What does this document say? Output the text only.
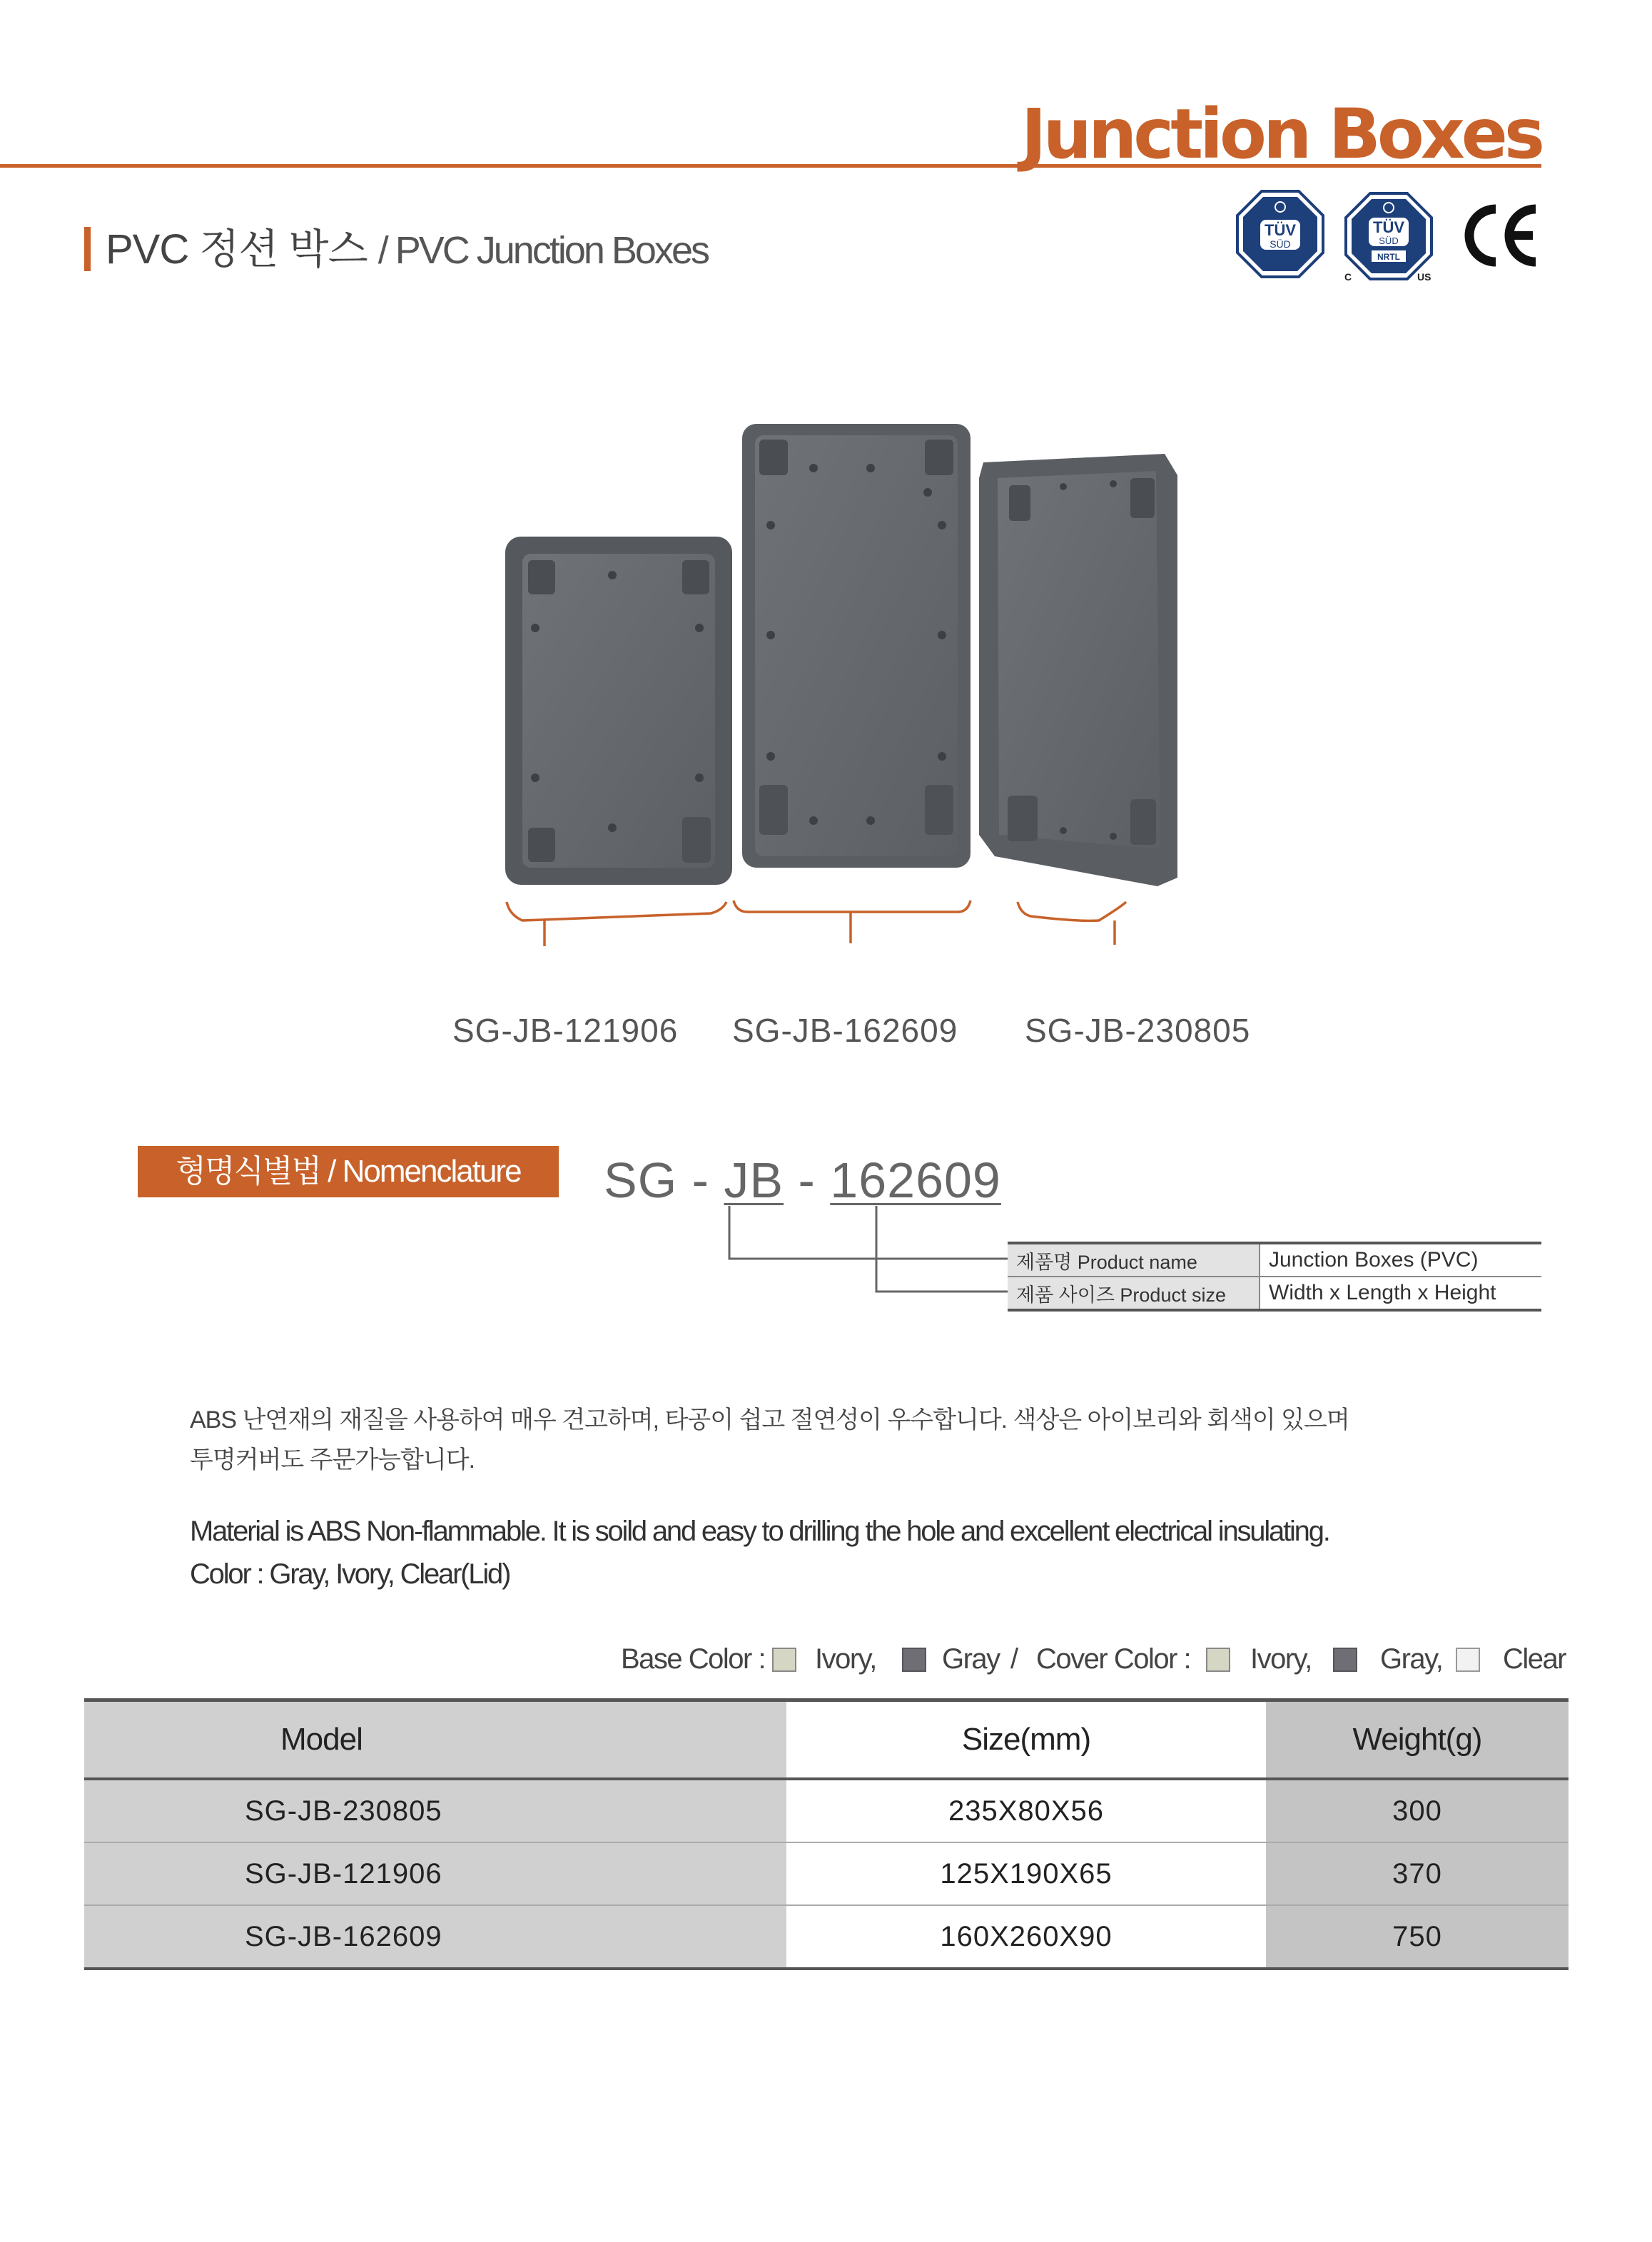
Junction Boxes
PVC 정션 박스 / PVC Junction Boxes	TÜV
SÜD
TÜV
SÜD
NRTL
C	US
SG-JB-121906 SG-JB-162609 SG-JB-230805
형명식별법 / Nomenclature	SG - JB - 162609
제품명 Product name	Junction Boxes (PVC)
제품 사이즈 Product size	Width x Length x Height
ABS 난연재의 재질을 사용하여 매우 견고하며, 타공이 쉽고 절연성이 우수합니다. 색상은 아이보리와 회색이 있으며
투명커버도 주문가능합니다.
Material is ABS Non-flammable. It is soild and easy to drilling the hole and excellent electrical insulating.
Color : Gray, Ivory, Clear(Lid)
Base Color : Ivory, Gray / Cover Color : Ivory, Gray, Clear
Model	Size(mm)	Weight(g)
SG-JB-230805	235X80X56	300
SG-JB-121906	125X190X65	370
SG-JB-162609	160X260X90	750
